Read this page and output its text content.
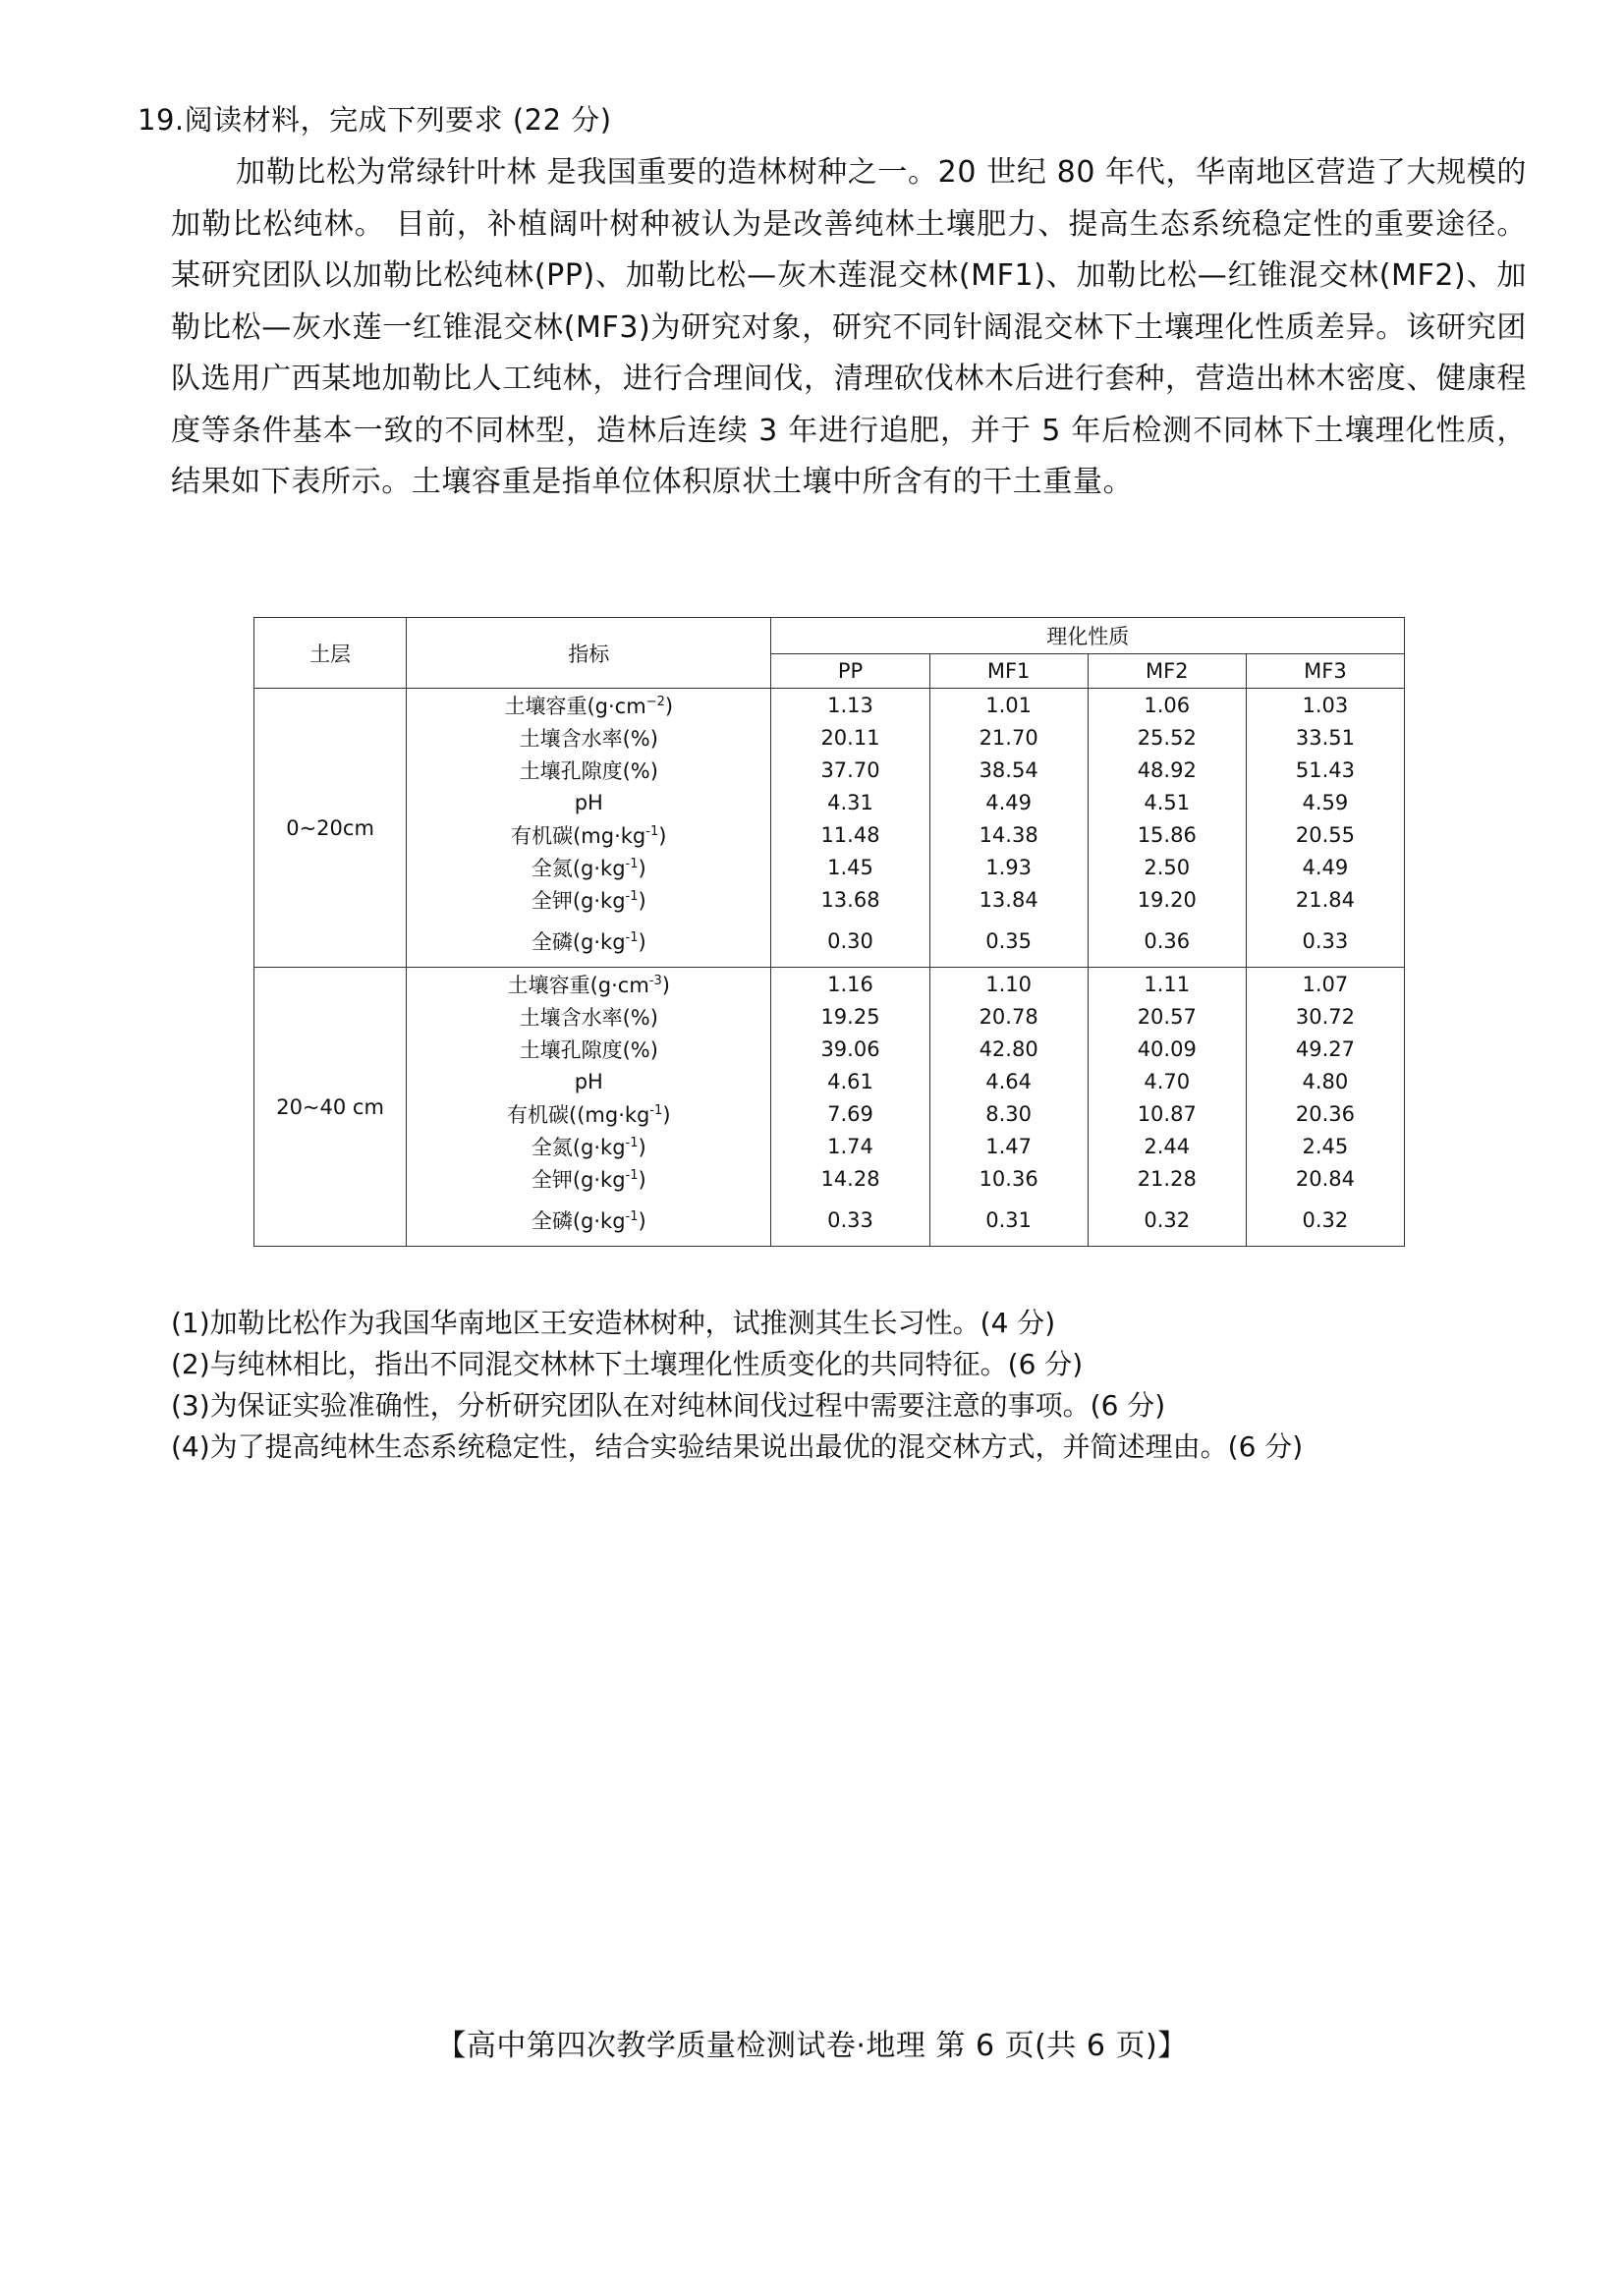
19.阅读材料，完成下列要求 (22 分)

加勒比松为常绿针叶林 是我国重要的造林树种之一。20 世纪 80 年代，华南地区营造了大规模的加勒比松纯林。 目前，补植阔叶树种被认为是改善纯林土壤肥力、提高生态系统稳定性的重要途径。某研究团队以加勒比松纯林(PP)、加勒比松—灰木莲混交林(MF1)、加勒比松—红锥混交林(MF2)、加勒比松—灰水莲一红锥混交林(MF3)为研究对象，研究不同针阔混交林下土壤理化性质差异。该研究团队选用广西某地加勒比人工纯林，进行合理间伐，清理砍伐林木后进行套种，营造出林木密度、健康程度等条件基本一致的不同林型，造林后连续 3 年进行追肥，并于 5 年后检测不同林下土壤理化性质，结果如下表所示。土壤容重是指单位体积原状土壤中所含有的干土重量。

土层	指标	理化性质			
		PP	MF1	MF2	MF3
0~20cm	土壤容重$(g\cdot cm^{-2})$	1.13	1.01	1.06	1.03
	土壤含水率(%)	20.11	21.70	25.52	33.51
	土壤孔隙度(%)	37.70	38.54	48.92	51.43
	pH	4.31	4.49	4.51	4.59
	有机碳$(mg\cdot kg^{-1})$	11.48	14.38	15.86	20.55
	全氮$(g\cdot kg^{-1})$	1.45	1.93	2.50	4.49
	全钾$(g\cdot kg^{-1})$	13.68	13.84	19.20	21.84
	全磷$(g\cdot kg^{-1})$	0.30	0.35	0.36	0.33
20~40 cm	土壤容重$(g\cdot cm^{-3})$	1.16	1.10	1.11	1.07
	土壤含水率(%)	19.25	20.78	20.57	30.72
	土壤孔隙度(%)	39.06	42.80	40.09	49.27
	pH	4.61	4.64	4.70	4.80
	有机碳($(mg\cdot kg^{-1})$	7.69	8.30	10.87	20.36
	全氮$(g\cdot kg^{-1})$	1.74	1.47	2.44	2.45
	全钾$(g\cdot kg^{-1})$	14.28	10.36	21.28	20.84
	全磷$(g\cdot kg^{-1})$	0.33	0.31	0.32	0.32
(1)加勒比松作为我国华南地区王安造林树种，试推测其生长习性。(4 分)
(2)与纯林相比，指出不同混交林林下土壤理化性质变化的共同特征。(6 分)
(3)为保证实验准确性，分析研究团队在对纯林间伐过程中需要注意的事项。(6 分)
(4)为了提高纯林生态系统稳定性，结合实验结果说出最优的混交林方式，并简述理由。(6 分)
【高中第四次教学质量检测试卷·地理 第 6 页(共 6 页)】
